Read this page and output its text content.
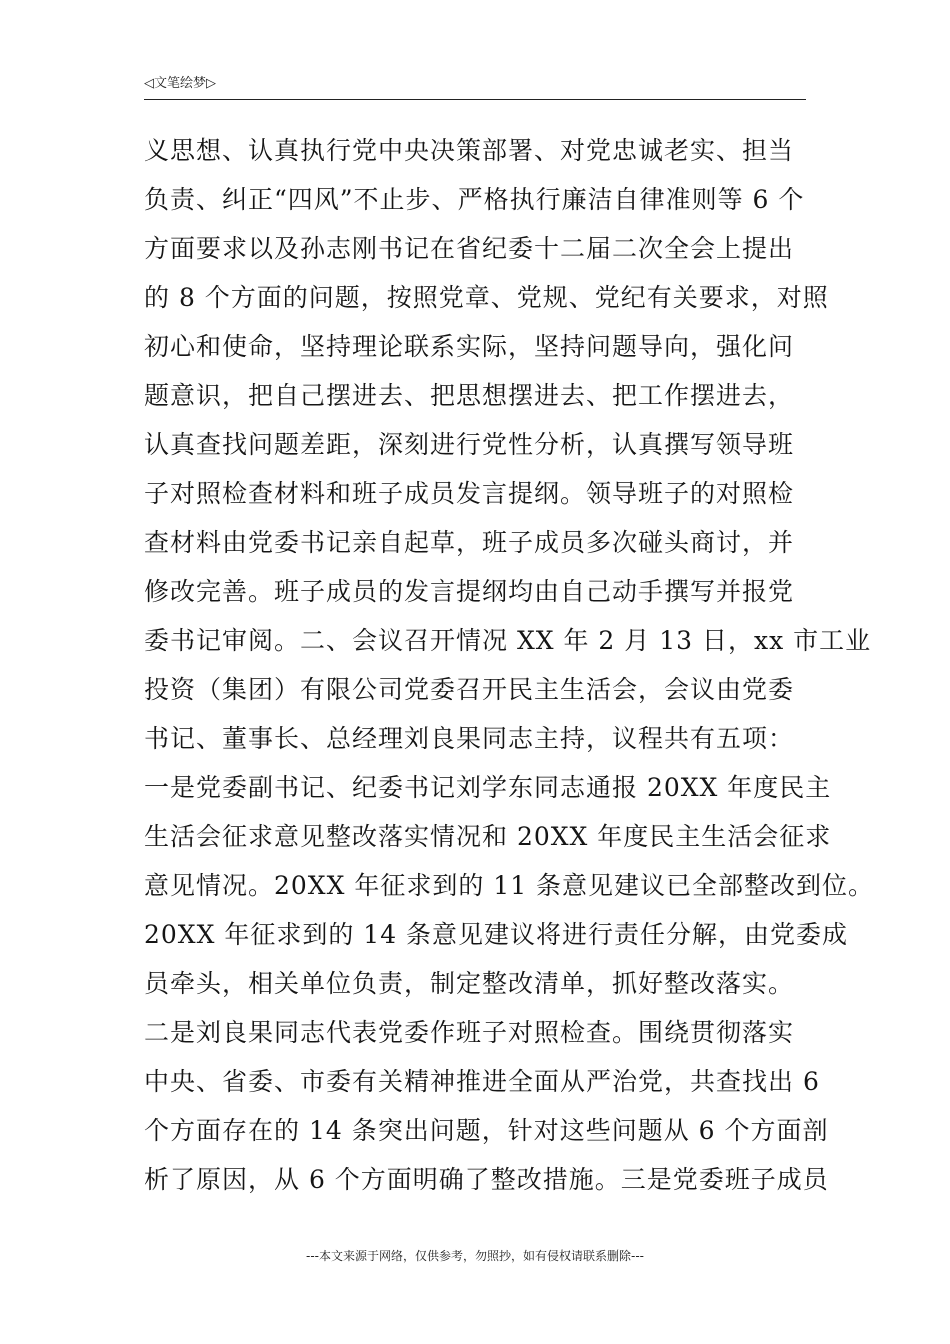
◁文笔绘梦▷
义思想、认真执行党中央决策部署、对党忠诚老实、担当
负责、纠正“四风”不止步、严格执行廉洁自律准则等 6 个
方面要求以及孙志刚书记在省纪委十二届二次全会上提出
的 8 个方面的问题，按照党章、党规、党纪有关要求，对照
初心和使命，坚持理论联系实际，坚持问题导向，强化问
题意识，把自己摆进去、把思想摆进去、把工作摆进去，
认真查找问题差距，深刻进行党性分析，认真撰写领导班
子对照检查材料和班子成员发言提纲。领导班子的对照检
查材料由党委书记亲自起草，班子成员多次碰头商讨，并
修改完善。班子成员的发言提纲均由自己动手撰写并报党
委书记审阅。二、会议召开情况 XX 年 2 月 13 日，xx 市工业
投资（集团）有限公司党委召开民主生活会，会议由党委
书记、董事长、总经理刘良果同志主持，议程共有五项：
一是党委副书记、纪委书记刘学东同志通报 20XX 年度民主
生活会征求意见整改落实情况和 20XX 年度民主生活会征求
意见情况。20XX 年征求到的 11 条意见建议已全部整改到位。
20XX 年征求到的 14 条意见建议将进行责任分解，由党委成
员牵头，相关单位负责，制定整改清单，抓好整改落实。
二是刘良果同志代表党委作班子对照检查。围绕贯彻落实
中央、省委、市委有关精神推进全面从严治党，共查找出 6
个方面存在的 14 条突出问题，针对这些问题从 6 个方面剖
析了原因，从 6 个方面明确了整改措施。三是党委班子成员
---本文来源于网络，仅供参考，勿照抄，如有侵权请联系删除---
